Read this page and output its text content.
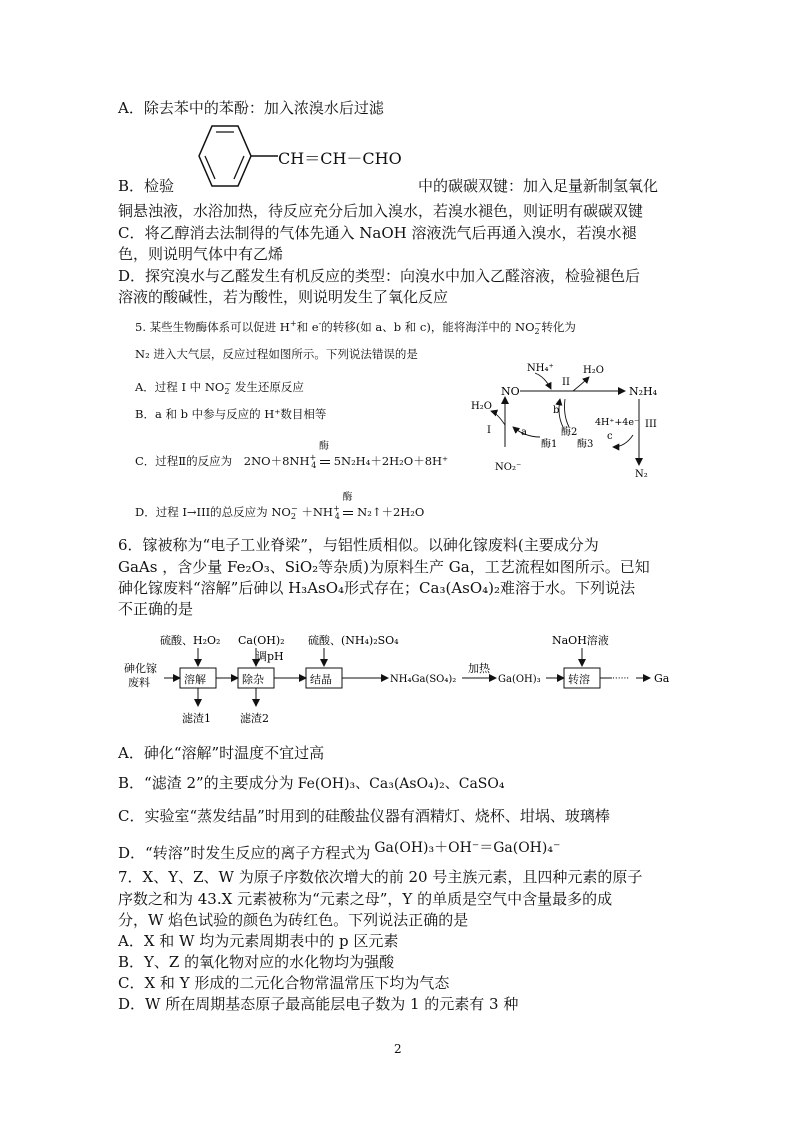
A．除去苯中的苯酚：加入浓溴水后过滤
CH＝CH－CHO
B．检验	中的碳碳双键：加入足量新制氢氧化
铜悬浊液，水浴加热，待反应充分后加入溴水，若溴水褪色，则证明有碳碳双键
C．将乙醇消去法制得的气体先通入 NaOH 溶液洗气后再通入溴水，若溴水褪
色，则说明气体中有乙烯
D．探究溴水与乙醛发生有机反应的类型：向溴水中加入乙醛溶液，检验褪色后
溶液的酸碱性，若为酸性，则说明发生了氧化反应
5. 某些生物酶体系可以促进 H+和 e-的转移(如 a、b 和 c)，能将海洋中的 $NO_2^-$转化为
N₂ 进入大气层，反应过程如图所示。下列说法错误的是
A．过程 I 中 $NO_2^-$ 发生还原反应
B．a 和 b 中参与反应的 H⁺数目相等
C．过程Ⅱ的反应为 $2NO+8NH^+_4$
酶
5N₂H₄＋2H₂O＋8H⁺
D．过程 I→III的总反应为 $NO_2^- +NH^+_4$
酶
N₂↑＋2H₂O
NH₄⁺	H₂O
II
NO	N₂H₄
H₂O
I
b
酶2
4H⁺+4e⁻ III
c
酶3
a
酶1
NO₂⁻
N₂
6．镓被称为“电子工业脊梁”，与铝性质相似。以砷化镓废料(主要成分为
GaAs ，含少量 Fe₂O₃、SiO₂等杂质)为原料生产 Ga，工艺流程如图所示。已知
砷化镓废料“溶解”后砷以 H₃AsO₄形式存在；Ca₃(AsO₄)₂难溶于水。下列说法
不正确的是
砷化镓
废料
硫酸、H₂O₂
溶解
滤渣1
Ca(OH)₂
调pH
除杂
滤渣2
硫酸、(NH₄)₂SO₄
结晶	NH₄Ga(SO₄)₂
加热
Ga(OH)₃
NaOH溶液
转溶 ······ Ga
A．砷化“溶解”时温度不宜过高
B．“滤渣 2”的主要成分为 Fe(OH)₃、Ca₃(AsO₄)₂、CaSO₄
C．实验室“蒸发结晶”时用到的硅酸盐仪器有酒精灯、烧杯、坩埚、玻璃棒
D．“转溶”时发生反应的离子方程式为 Ga(OH)₃＋OH⁻＝Ga(OH)₄⁻
7．X、Y、Z、W 为原子序数依次增大的前 20 号主族元素，且四种元素的原子
序数之和为 43.X 元素被称为“元素之母”，Y 的单质是空气中含量最多的成
分，W 焰色试验的颜色为砖红色。下列说法正确的是
A．X 和 W 均为元素周期表中的 p 区元素
B．Y、Z 的氧化物对应的水化物均为强酸
C．X 和 Y 形成的二元化合物常温常压下均为气态
D．W 所在周期基态原子最高能层电子数为 1 的元素有 3 种
2
